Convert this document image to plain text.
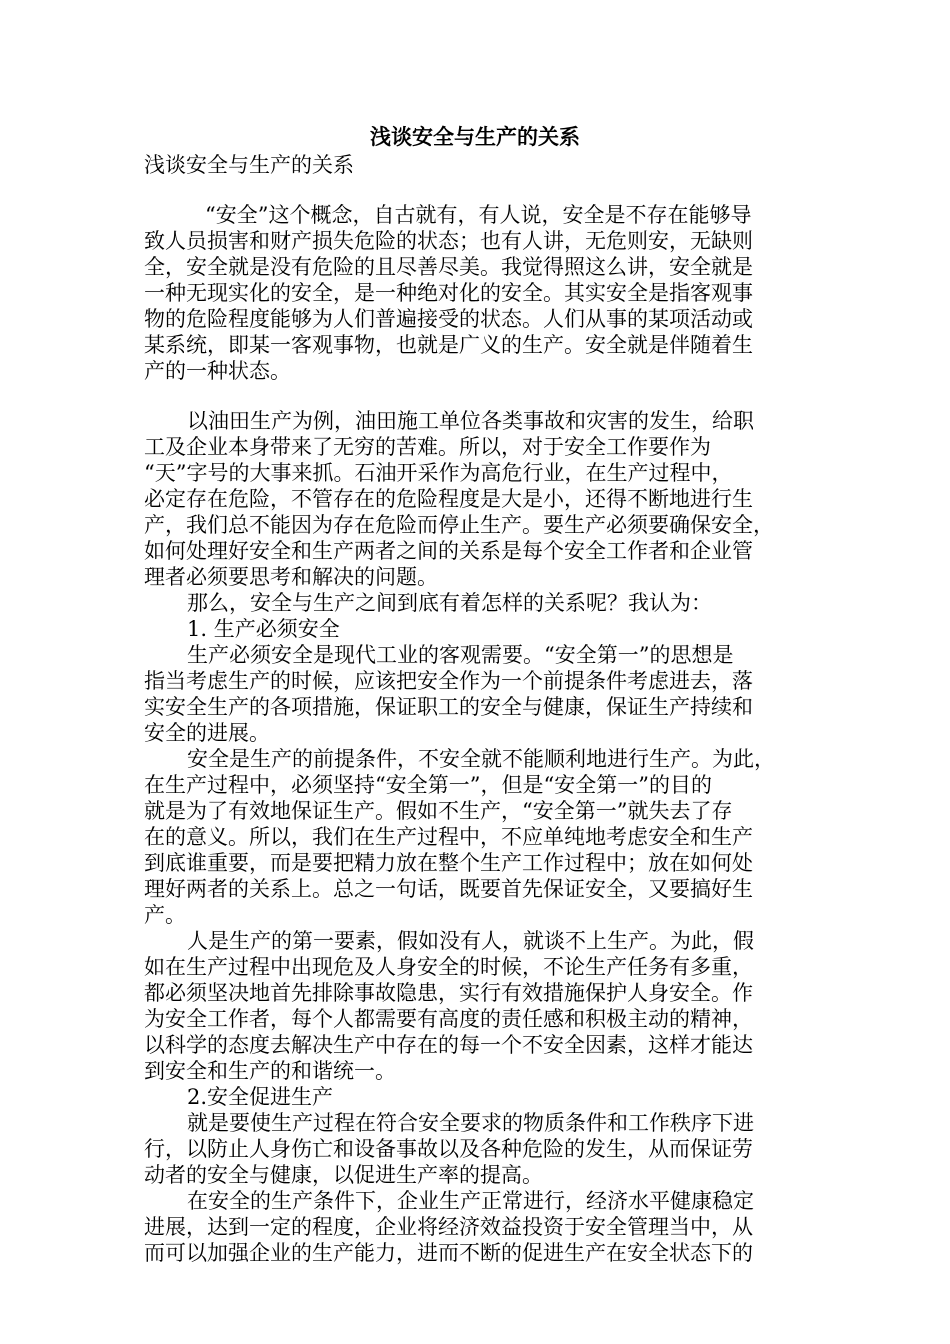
浅谈安全与生产的关系
浅谈安全与生产的关系
“安全”这个概念，自古就有，有人说，安全是不存在能够导
致人员损害和财产损失危险的状态；也有人讲，无危则安，无缺则
全，安全就是没有危险的且尽善尽美。我觉得照这么讲，安全就是
一种无现实化的安全，是一种绝对化的安全。其实安全是指客观事
物的危险程度能够为人们普遍接受的状态。人们从事的某项活动或
某系统，即某一客观事物，也就是广义的生产。安全就是伴随着生
产的一种状态。
以油田生产为例，油田施工单位各类事故和灾害的发生，给职
工及企业本身带来了无穷的苦难。所以，对于安全工作要作为
“天”字号的大事来抓。石油开采作为高危行业，在生产过程中，
必定存在危险，不管存在的危险程度是大是小，还得不断地进行生
产，我们总不能因为存在危险而停止生产。要生产必须要确保安全，
如何处理好安全和生产两者之间的关系是每个安全工作者和企业管
理者必须要思考和解决的问题。
那么，安全与生产之间到底有着怎样的关系呢？我认为：
1. 生产必须安全
生产必须安全是现代工业的客观需要。“安全第一”的思想是
指当考虑生产的时候，应该把安全作为一个前提条件考虑进去，落
实安全生产的各项措施，保证职工的安全与健康，保证生产持续和
安全的进展。
安全是生产的前提条件，不安全就不能顺利地进行生产。为此，
在生产过程中，必须坚持“安全第一”，但是“安全第一”的目的
就是为了有效地保证生产。假如不生产，“安全第一”就失去了存
在的意义。所以，我们在生产过程中，不应单纯地考虑安全和生产
到底谁重要，而是要把精力放在整个生产工作过程中；放在如何处
理好两者的关系上。总之一句话，既要首先保证安全，又要搞好生
产。
人是生产的第一要素，假如没有人，就谈不上生产。为此，假
如在生产过程中出现危及人身安全的时候，不论生产任务有多重，
都必须坚决地首先排除事故隐患，实行有效措施保护人身安全。作
为安全工作者，每个人都需要有高度的责任感和积极主动的精神，
以科学的态度去解决生产中存在的每一个不安全因素，这样才能达
到安全和生产的和谐统一。
2.安全促进生产
就是要使生产过程在符合安全要求的物质条件和工作秩序下进
行，以防止人身伤亡和设备事故以及各种危险的发生，从而保证劳
动者的安全与健康，以促进生产率的提高。
在安全的生产条件下，企业生产正常进行，经济水平健康稳定
进展，达到一定的程度，企业将经济效益投资于安全管理当中，从
而可以加强企业的生产能力，进而不断的促进生产在安全状态下的
